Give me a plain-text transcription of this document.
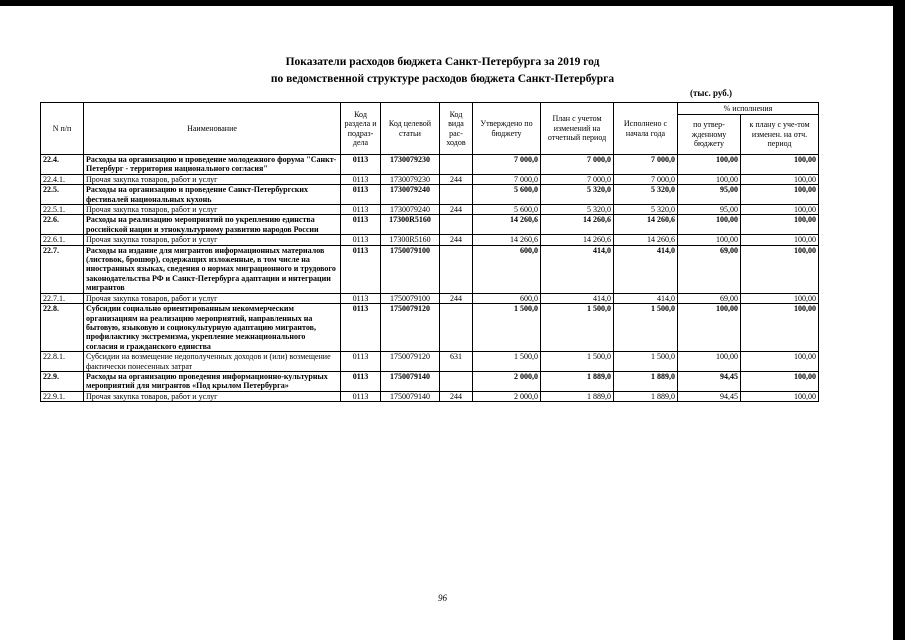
Показатели расходов бюджета Санкт-Петербурга за 2019 год
по ведомственной структуре расходов бюджета Санкт-Петербурга
(тыс. руб.)
N п/п	Наименование	Код раздела и подраз-дела	Код целевой статьи	Код вида рас-ходов	Утверждено по бюджету	План с учетом изменений на отчетный период	Исполнено с начала года	% исполнения	
								по утвер-жденному бюджету	к плану с уче-том изменен. на отч. период
22.4.	Расходы на организацию и проведение молодежного форума "Санкт-Петербург - территория национального согласия"	0113	1730079230		7 000,0	7 000,0	7 000,0	100,00	100,00
22.4.1.	Прочая закупка товаров, работ и услуг	0113	1730079230	244	7 000,0	7 000,0	7 000,0	100,00	100,00
22.5.	Расходы на организацию и проведение Санкт-Петербургских фестивалей национальных кухонь	0113	1730079240		5 600,0	5 320,0	5 320,0	95,00	100,00
22.5.1.	Прочая закупка товаров, работ и услуг	0113	1730079240	244	5 600,0	5 320,0	5 320,0	95,00	100,00
22.6.	Расходы на реализацию мероприятий по укреплению единства российской нации и этнокультурному развитию народов России	0113	17300R5160		14 260,6	14 260,6	14 260,6	100,00	100,00
22.6.1.	Прочая закупка товаров, работ и услуг	0113	17300R5160	244	14 260,6	14 260,6	14 260,6	100,00	100,00
22.7.	Расходы на издание для мигрантов информационных материалов (листовок, брошюр), содержащих изложенные, в том числе на иностранных языках, сведения о нормах миграционного и трудового законодательства РФ и Санкт-Петербурга адаптации и интеграции мигрантов	0113	1750079100		600,0	414,0	414,0	69,00	100,00
22.7.1.	Прочая закупка товаров, работ и услуг	0113	1750079100	244	600,0	414,0	414,0	69,00	100,00
22.8.	Субсидии социально ориентированным некоммерческим организациям на реализацию мероприятий, направленных на бытовую, языковую и социокультурную адаптацию мигрантов, профилактику экстремизма, укрепление межнационального согласия и гражданского единства	0113	1750079120		1 500,0	1 500,0	1 500,0	100,00	100,00
22.8.1.	Субсидии на возмещение недополученных доходов и (или) возмещение фактически понесенных затрат	0113	1750079120	631	1 500,0	1 500,0	1 500,0	100,00	100,00
22.9.	Расходы на организацию проведения информационно-культурных мероприятий для мигрантов «Под крылом Петербурга»	0113	1750079140		2 000,0	1 889,0	1 889,0	94,45	100,00
22.9.1.	Прочая закупка товаров, работ и услуг	0113	1750079140	244	2 000,0	1 889,0	1 889,0	94,45	100,00
96
